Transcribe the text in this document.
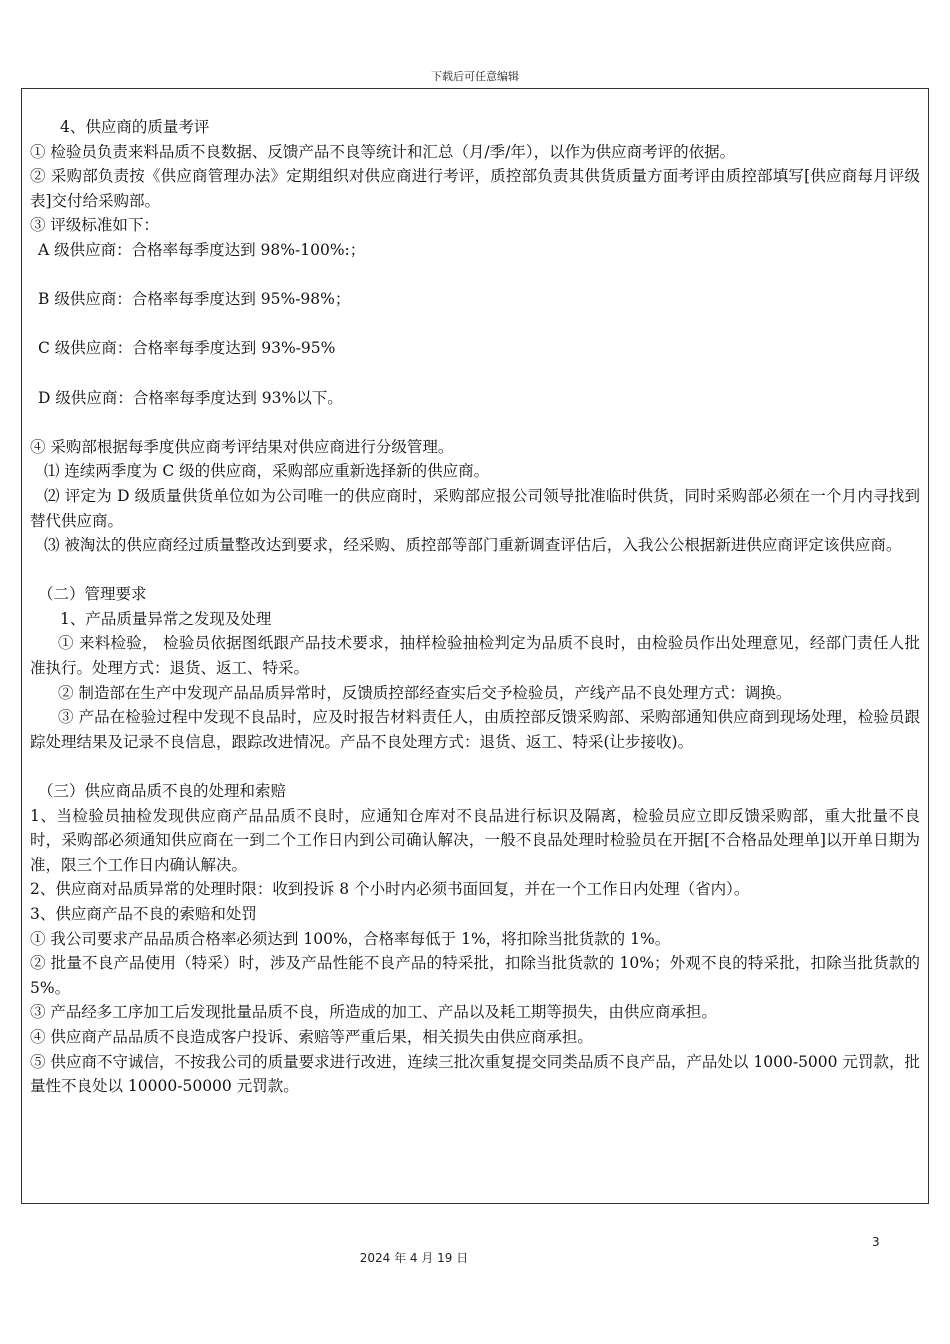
下载后可任意编辑

4、供应商的质量考评

① 检验员负责来料品质不良数据、反馈产品不良等统计和汇总（月/季/年），以作为供应商考评的依据。

② 采购部负责按《供应商管理办法》定期组织对供应商进行考评，质控部负责其供货质量方面考评由质控部填写[供应商每月评级表]交付给采购部。

③ 评级标准如下：

A 级供应商：合格率每季度达到 98%-100%:；

B 级供应商：合格率每季度达到 95%-98%；

C 级供应商：合格率每季度达到 93%-95%

D 级供应商：合格率每季度达到 93%以下。

④ 采购部根据每季度供应商考评结果对供应商进行分级管理。

⑴ 连续两季度为 C 级的供应商，采购部应重新选择新的供应商。

⑵ 评定为 D 级质量供货单位如为公司唯一的供应商时，采购部应报公司领导批准临时供货，同时采购部必须在一个月内寻找到替代供应商。

⑶ 被淘汰的供应商经过质量整改达到要求，经采购、质控部等部门重新调查评估后，入我公公根据新进供应商评定该供应商。

（二）管理要求

1、产品质量异常之发现及处理

① 来料检验， 检验员依据图纸跟产品技术要求，抽样检验抽检判定为品质不良时，由检验员作出处理意见，经部门责任人批准执行。处理方式：退货、返工、特采。

② 制造部在生产中发现产品品质异常时，反馈质控部经查实后交予检验员，产线产品不良处理方式：调换。

③ 产品在检验过程中发现不良品时，应及时报告材料责任人，由质控部反馈采购部、采购部通知供应商到现场处理，检验员跟踪处理结果及记录不良信息，跟踪改进情况。产品不良处理方式：退货、返工、特采(让步接收)。

（三）供应商品质不良的处理和索赔

1、当检验员抽检发现供应商产品品质不良时，应通知仓库对不良品进行标识及隔离，检验员应立即反馈采购部，重大批量不良时，采购部必须通知供应商在一到二个工作日内到公司确认解决，一般不良品处理时检验员在开据[不合格品处理单]以开单日期为准，限三个工作日内确认解决。

2、供应商对品质异常的处理时限：收到投诉 8 个小时内必须书面回复，并在一个工作日内处理（省内）。

3、供应商产品不良的索赔和处罚

① 我公司要求产品品质合格率必须达到 100%，合格率每低于 1%，将扣除当批货款的 1%。

② 批量不良产品使用（特采）时，涉及产品性能不良产品的特采批，扣除当批货款的 10%；外观不良的特采批，扣除当批货款的 5%。

③ 产品经多工序加工后发现批量品质不良，所造成的加工、产品以及耗工期等损失，由供应商承担。

④ 供应商产品品质不良造成客户投诉、索赔等严重后果，相关损失由供应商承担。

⑤ 供应商不守诚信，不按我公司的质量要求进行改进，连续三批次重复提交同类品质不良产品，产品处以 1000-5000 元罚款，批量性不良处以 10000-50000 元罚款。

3
2024 年 4 月 19 日
